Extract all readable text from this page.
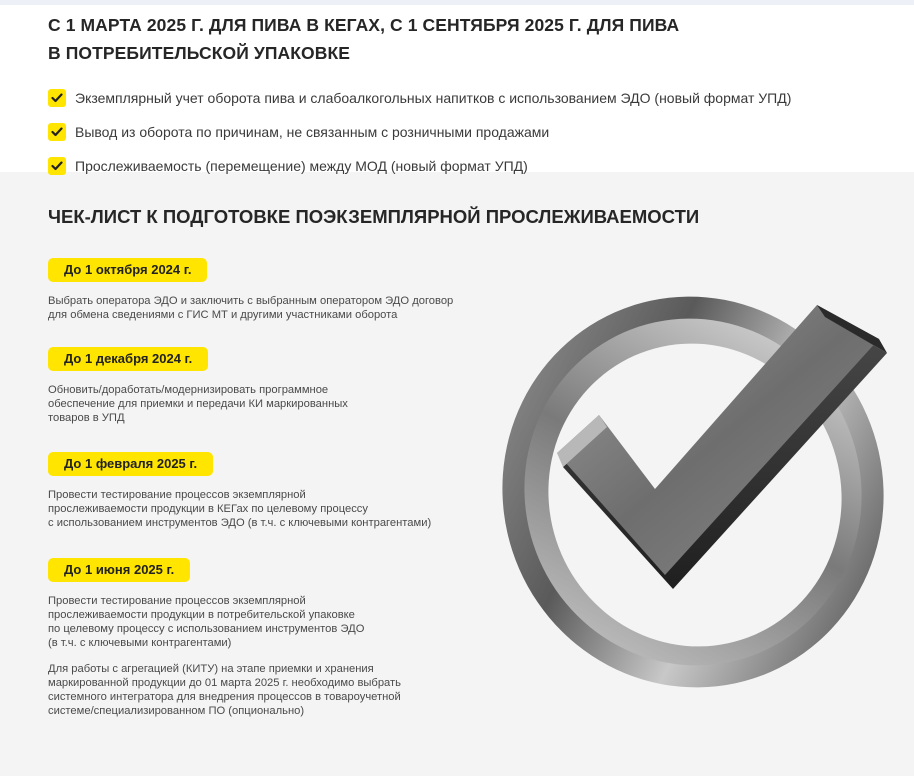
С 1 МАРТА 2025 Г. ДЛЯ ПИВА В КЕГАХ, С 1 СЕНТЯБРЯ 2025 Г. ДЛЯ ПИВА
В ПОТРЕБИТЕЛЬСКОЙ УПАКОВКЕ
Экземплярный учет оборота пива и слабоалкогольных напитков с использованием ЭДО (новый формат УПД)
Вывод из оборота по причинам, не связанным с розничными продажами
Прослеживаемость (перемещение) между МОД (новый формат УПД)
ЧЕК-ЛИСТ К ПОДГОТОВКЕ ПОЭКЗЕМПЛЯРНОЙ ПРОСЛЕЖИВАЕМОСТИ
До 1 октября 2024 г.
Выбрать оператора ЭДО и заключить с выбранным оператором ЭДО договор
для обмена сведениями с ГИС МТ и другими участниками оборота
До 1 декабря 2024 г.
Обновить/доработать/модернизировать программное
обеспечение для приемки и передачи КИ маркированных
товаров в УПД
До 1 февраля 2025 г.
Провести тестирование процессов экземплярной
прослеживаемости продукции в КЕГах по целевому процессу
с использованием инструментов ЭДО (в т.ч. с ключевыми контрагентами)
До 1 июня 2025 г.
Провести тестирование процессов экземплярной
прослеживаемости продукции в потребительской упаковке
по целевому процессу с использованием инструментов ЭДО
(в т.ч. с ключевыми контрагентами)
Для работы с агрегацией (КИТУ) на этапе приемки и хранения
маркированной продукции до 01 марта 2025 г. необходимо выбрать
системного интегратора для внедрения процессов в товароучетной
системе/специализированном ПО (опционально)
